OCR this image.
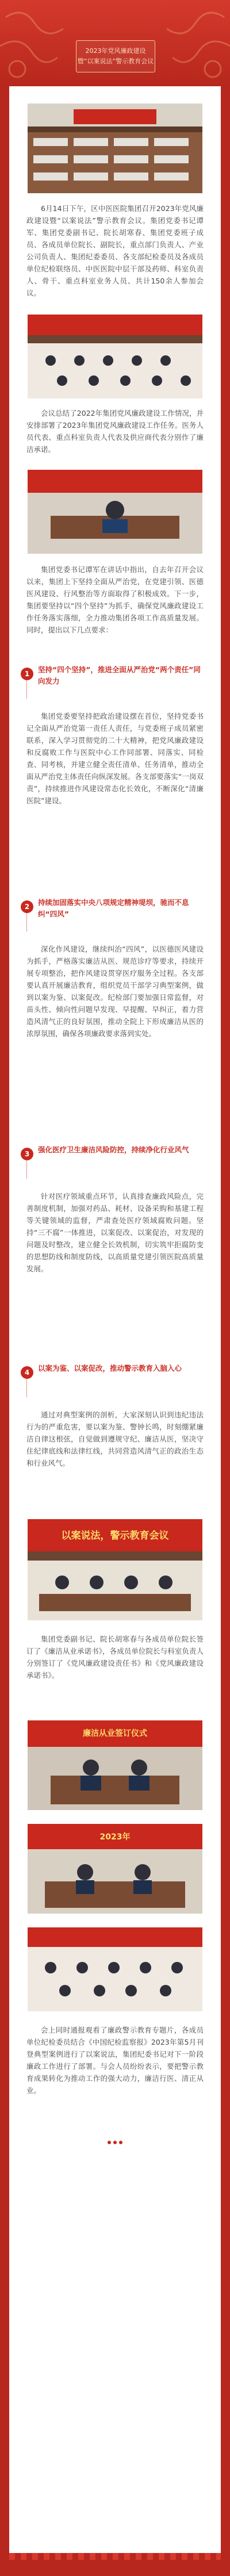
2023年党风廉政建设
暨“以案说法”警示教育会议

6月14日下午，区中医医院集团召开2023年党风廉政建设暨“以案说法”警示教育会议。集团党委书记谭军、集团党委副书记、院长胡寒春、集团党委班子成员、各成员单位院长、副院长，重点部门负责人、产业公司负责人、集团纪委委员、各支部纪检委员及各成员单位纪检联络员、中医医院中层干部及药师、科室负责人、骨干、重点科室业务人员、共计150余人参加会议。

会议总结了2022年集团党风廉政建设工作情况，并安排部署了2023年集团党风廉政建设工作任务。医务人员代表、重点科室负责人代表及供应商代表分别作了廉洁承诺。

集团党委书记谭军在讲话中指出，自去年召开会议以来，集团上下坚持全面从严治党，在党建引领、医德医风建设、行风整治等方面取得了积极成效。下一步，集团要坚持以“四个坚持”为抓手，确保党风廉政建设工作任务落实落细，全力推动集团各项工作高质量发展。同时，提出以下几点要求：

1	坚持“四个坚持”，推进全面从严治党“两个责任”同向发力

集团党委要坚持把政治建设摆在首位，坚持党委书记全面从严治党第一责任人责任，与党委班子成员紧密联系，深入学习贯彻党的二十大精神，把党风廉政建设和反腐败工作与医院中心工作同部署、同落实、同检查、同考核，并建立健全责任清单、任务清单，推动全面从严治党主体责任向纵深发展。各支部要落实“一岗双责”，持续推进作风建设常态化长效化，不断深化“清廉医院”建设。

2	持续加固落实中央八项规定精神堤坝，驰而不息纠“四风”

深化作风建设，继续纠治“四风”，以医德医风建设为抓手，严格落实廉洁从医、规范诊疗等要求，持续开展专项整治，把作风建设贯穿医疗服务全过程。各支部要认真开展廉洁教育，组织党员干部学习典型案例，做到以案为鉴、以案促改。纪检部门要加强日常监督，对苗头性、倾向性问题早发现、早提醒、早纠正，着力营造风清气正的良好氛围，推动全院上下形成廉洁从医的浓厚氛围，确保各项廉政要求落到实处。

3	强化医疗卫生廉洁风险防控，持续净化行业风气

针对医疗领域重点环节，认真排查廉政风险点，完善制度机制，加强对药品、耗材、设备采购和基建工程等关键领域的监督，严肃查处医疗领域腐败问题。坚持“三不腐”一体推进，以案促改、以案促治，对发现的问题及时整改，建立健全长效机制，切实筑牢拒腐防变的思想防线和制度防线，以高质量党建引领医院高质量发展。

4	以案为鉴、以案促改，推动警示教育入脑入心

通过对典型案例的剖析，大家深刻认识到违纪违法行为的严重危害，要以案为鉴、警钟长鸣，时刻绷紧廉洁自律这根弦，自觉做到遵规守纪、廉洁从医，坚决守住纪律底线和法律红线，共同营造风清气正的政治生态和行业风气。

以案说法，警示教育会议

集团党委副书记、院长胡寒春与各成员单位院长签订了《廉洁从业承诺书》，各成员单位院长与科室负责人分别签订了《党风廉政建设责任书》和《党风廉政建设承诺书》。

廉洁从业签订仪式
2023年

会上同时通报观看了廉政警示教育专题片，各成员单位纪检委员结合《中国纪检监察报》2023年第5月刊登典型案例进行了以案说法，集团纪委书记对下一阶段廉政工作进行了部署。与会人员纷纷表示，要把警示教育成果转化为推动工作的强大动力，廉洁行医、清正从业。
